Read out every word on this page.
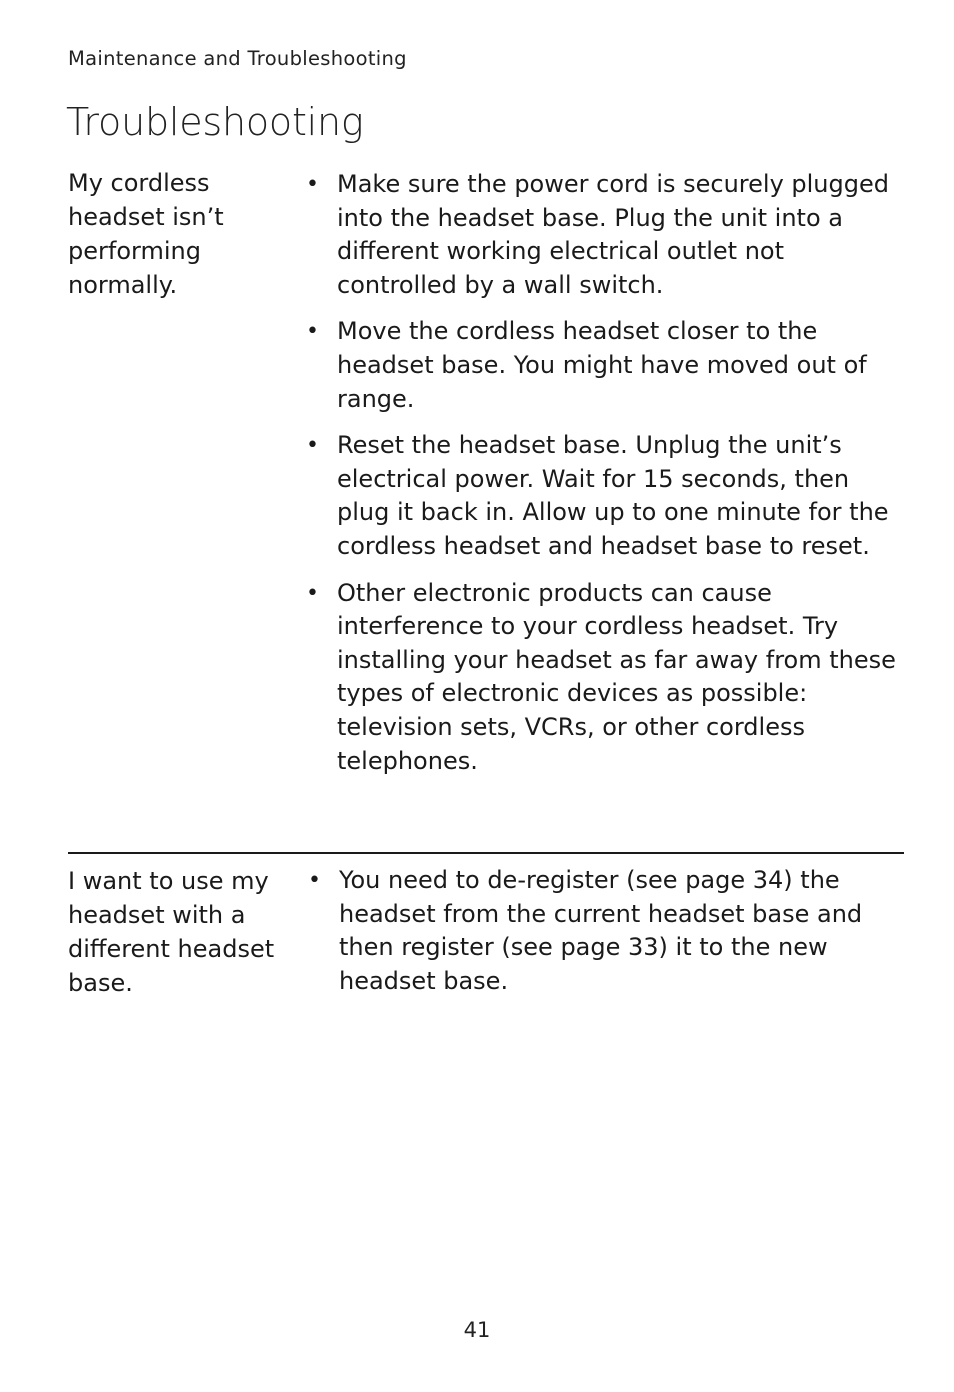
Maintenance and Troubleshooting
Troubleshooting
My cordless headset isn’t performing normally.
• Make sure the power cord is securely plugged into the headset base. Plug the unit into a different working electrical outlet not controlled by a wall switch.
• Move the cordless headset closer to the headset base. You might have moved out of range.
• Reset the headset base. Unplug the unit’s electrical power. Wait for 15 seconds, then plug it back in. Allow up to one minute for the cordless headset and headset base to reset.
• Other electronic products can cause interference to your cordless headset. Try installing your headset as far away from these types of electronic devices as possible: television sets, VCRs, or other cordless telephones.
I want to use my headset with a different headset base.
• You need to de-register (see page 34) the headset from the current headset base and then register (see page 33) it to the new headset base.
41
